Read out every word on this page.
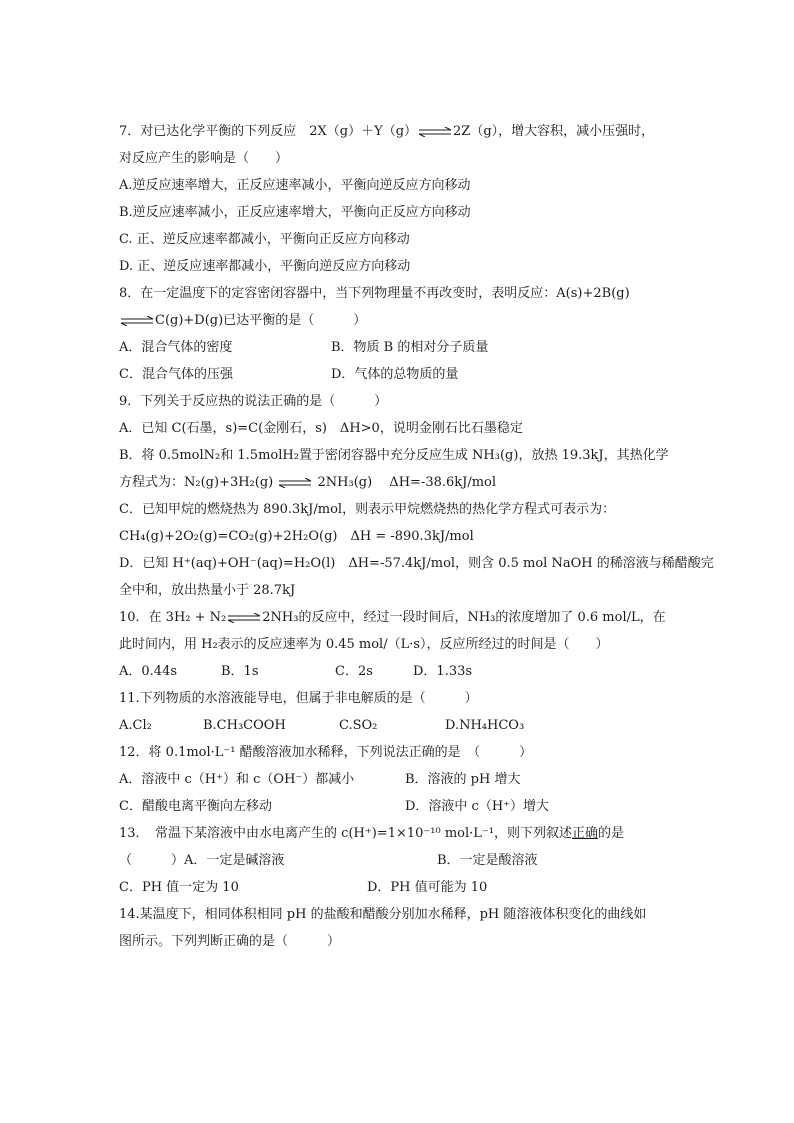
7．对已达化学平衡的下列反应　2X（g）＋Y（g）⇌2Z（g），增大容积，减小压强时，
对反应产生的影响是（　　）
A.逆反应速率增大，正反应速率减小，平衡向逆反应方向移动
B.逆反应速率减小，正反应速率增大，平衡向正反应方向移动
C. 正、逆反应速率都减小，平衡向正反应方向移动
D. 正、逆反应速率都减小，平衡向逆反应方向移动
8．在一定温度下的定容密闭容器中，当下列物理量不再改变时，表明反应：A(s)+2B(g)
⇌C(g)+D(g)已达平衡的是（　　　）
A．混合气体的密度	B．物质 B 的相对分子质量
C．混合气体的压强	D．气体的总物质的量
9．下列关于反应热的说法正确的是（　　　）
A．已知 C(石墨，s)=C(金刚石，s)　ΔH>0，说明金刚石比石墨稳定
B．将 0.5molN₂和 1.5molH₂置于密闭容器中充分反应生成 NH₃(g)，放热 19.3kJ，其热化学
方程式为：N₂(g)+3H₂(g) ⇌ 2NH₃(g)　 ΔH=-38.6kJ/mol
C．已知甲烷的燃烧热为 890.3kJ/mol，则表示甲烷燃烧热的热化学方程式可表示为：
CH₄(g)+2O₂(g)=CO₂(g)+2H₂O(g)　ΔH = -890.3kJ/mol
D．已知 H⁺(aq)+OH⁻(aq)=H₂O(l)　ΔH=-57.4kJ/mol，则含 0.5 mol NaOH 的稀溶液与稀醋酸完
全中和，放出热量小于 28.7kJ
10．在 3H₂ + N₂⇌2NH₃的反应中，经过一段时间后，NH₃的浓度增加了 0.6 mol/L，在
此时间内，用 H₂表示的反应速率为 0.45 mol/（L·s），反应所经过的时间是（　　）
A．0.44s	B．1s	C．2s	D．1.33s
11.下列物质的水溶液能导电，但属于非电解质的是（　　　）
A.Cl₂	B.CH₃COOH	C.SO₂	D.NH₄HCO₃
12．将 0.1mol·L⁻¹ 醋酸溶液加水稀释，下列说法正确的是　（　　　）
A．溶液中 c（H⁺）和 c（OH⁻）都减小	B．溶液的 pH 增大
C．醋酸电离平衡向左移动	D．溶液中 c（H⁺）增大
13．　常温下某溶液中由水电离产生的 c(H⁺)=1×10⁻¹⁰ mol·L⁻¹，则下列叙述正确的是
（　　　）A．一定是碱溶液	B．一定是酸溶液
C．PH 值一定为 10	D．PH 值可能为 10
14.某温度下，相同体积相同 pH 的盐酸和醋酸分别加水稀释，pH 随溶液体积变化的曲线如
图所示。下列判断正确的是（　　　）
